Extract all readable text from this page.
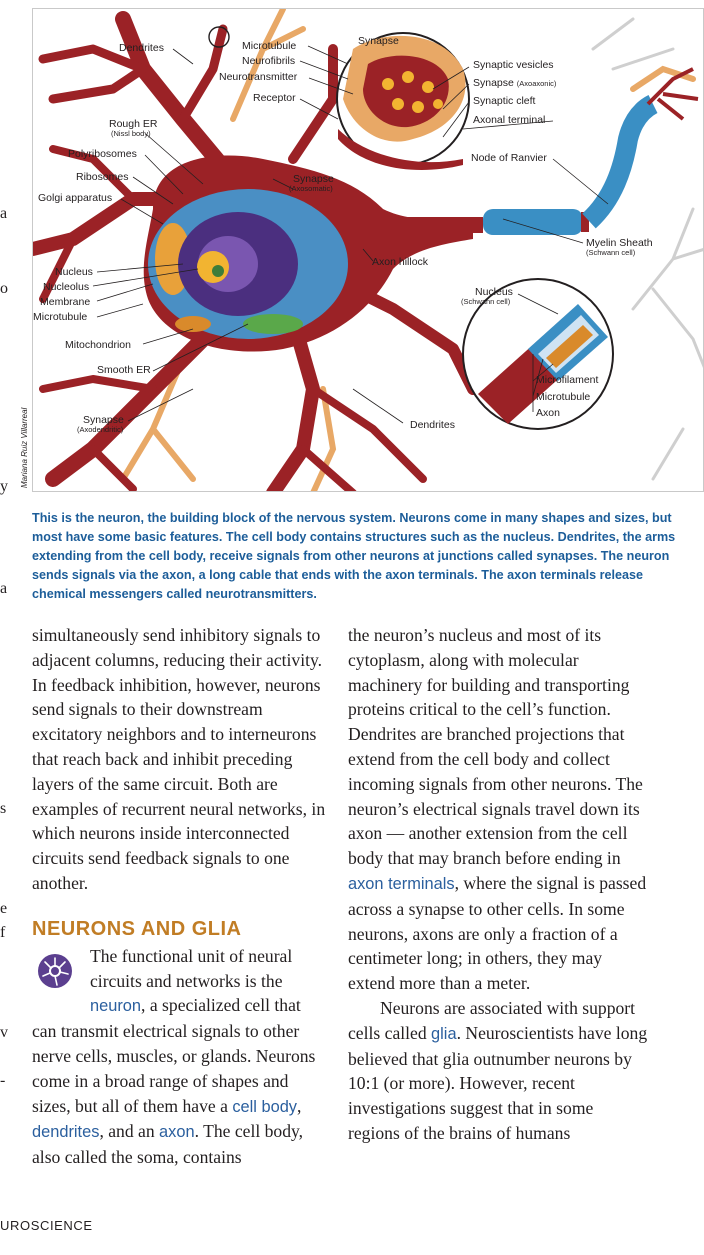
Dendrites	Microtubule
Neurofibrils
Neurotransmitter
Receptor
Synapse
Synaptic vesicles
Synapse (Axoaxonic)
Synaptic cleft
Axonal terminal
Node of Ranvier
Rough ER
(Nissl body)
Polyribosomes
Ribosomes
Golgi apparatus
Synapse
(Axosomatic)
Myelin Sheath
(Schwann cell)
Axon hillock
Nucleus
Nucleolus
Membrane
Microtubule
Nucleus
(Schwann cell)
Mitochondrion
Smooth ER
Microfilament
Microtubule
Axon
Synapse
(Axodendritic)	Dendrites
Mariana Ruiz Villarreal
This is the neuron, the building block of the nervous system. Neurons come in many shapes and sizes, but most have some basic features. The cell body contains structures such as the nucleus. Dendrites, the arms extending from the cell body, receive signals from other neurons at junctions called synapses. The neuron sends signals via the axon, a long cable that ends with the axon terminals. The axon terminals release chemical messengers called neurotransmitters.

simultaneously send inhibitory signals to adjacent columns, reducing their activity. In feedback inhibition, however, neurons send signals to their downstream excitatory neighbors and to interneurons that reach back and inhibit preceding layers of the same circuit. Both are examples of recurrent neural networks, in which neurons inside interconnected circuits send feedback signals to one another.

NEURONS AND GLIA

The functional unit of neural circuits and networks is the neuron, a specialized cell that can transmit electrical signals to other nerve cells, muscles, or glands. Neurons come in a broad range of shapes and sizes, but all of them have a cell body, dendrites, and an axon. The cell body, also called the soma, contains

the neuron’s nucleus and most of its cytoplasm, along with molecular machinery for building and transporting proteins critical to the cell’s function. Dendrites are branched projections that extend from the cell body and collect incoming signals from other neurons. The neuron’s electrical signals travel down its axon — another extension from the cell body that may branch before ending in axon terminals, where the signal is passed across a synapse to other cells. In some neurons, axons are only a fraction of a centimeter long; in others, they may extend more than a meter.

Neurons are associated with support cells called glia. Neuroscientists have long believed that glia outnumber neurons by 10:1 (or more). However, recent investigations suggest that in some regions of the brains of humans

a
o
y
a
s
e
f
v
-
UROSCIENCE
